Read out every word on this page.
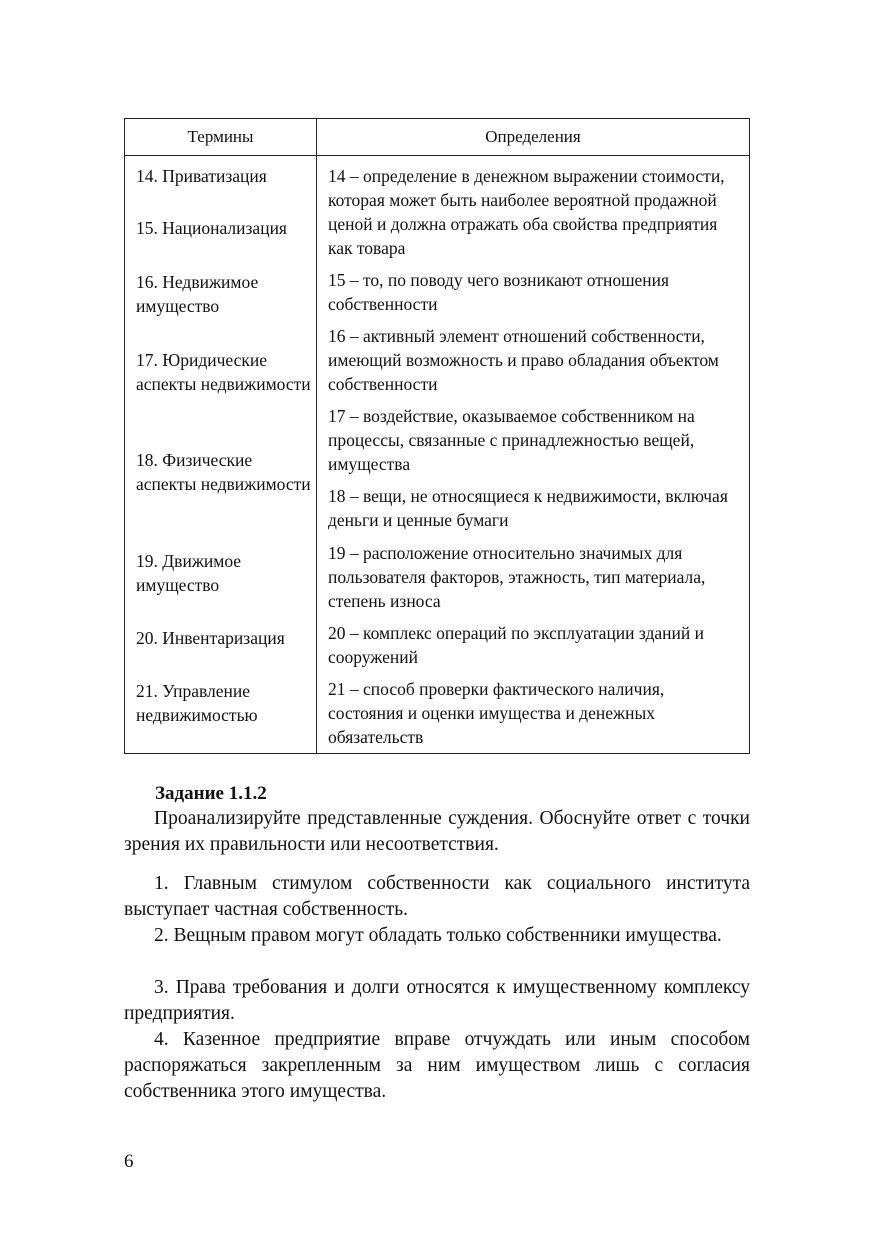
Термины	Определения
14. Приватизация
15. Национализация
16. Недвижимое имущество
17. Юридические аспекты недвижимости
18. Физические аспекты недвижимости
19. Движимое имущество
20. Инвентаризация
21. Управление недвижимостью
14 – определение в денежном выражении стоимости, которая может быть наиболее вероятной продажной ценой и должна отражать оба свойства предприятия как товара
15 – то, по поводу чего возникают отношения собственности
16 – активный элемент отношений собственности, имеющий возможность и право обладания объектом собственности
17 – воздействие, оказываемое собственником на процессы, связанные с принадлежностью вещей, имущества
18 – вещи, не относящиеся к недвижимости, включая деньги и ценные бумаги
19 – расположение относительно значимых для пользователя факторов, этажность, тип материала, степень износа
20 – комплекс операций по эксплуатации зданий и сооружений
21 – способ проверки фактического наличия, состояния и оценки имущества и денежных обязательств
Задание 1.1.2
Проанализируйте представленные суждения. Обоснуйте ответ с точки зрения их правильности или несоответствия.
1. Главным стимулом собственности как социального института выступает частная собственность.
2. Вещным правом могут обладать только собственники имущества.
3. Права требования и долги относятся к имущественному комплексу предприятия.
4. Казенное предприятие вправе отчуждать или иным способом распоряжаться закрепленным за ним имуществом лишь с согласия собственника этого имущества.
6
